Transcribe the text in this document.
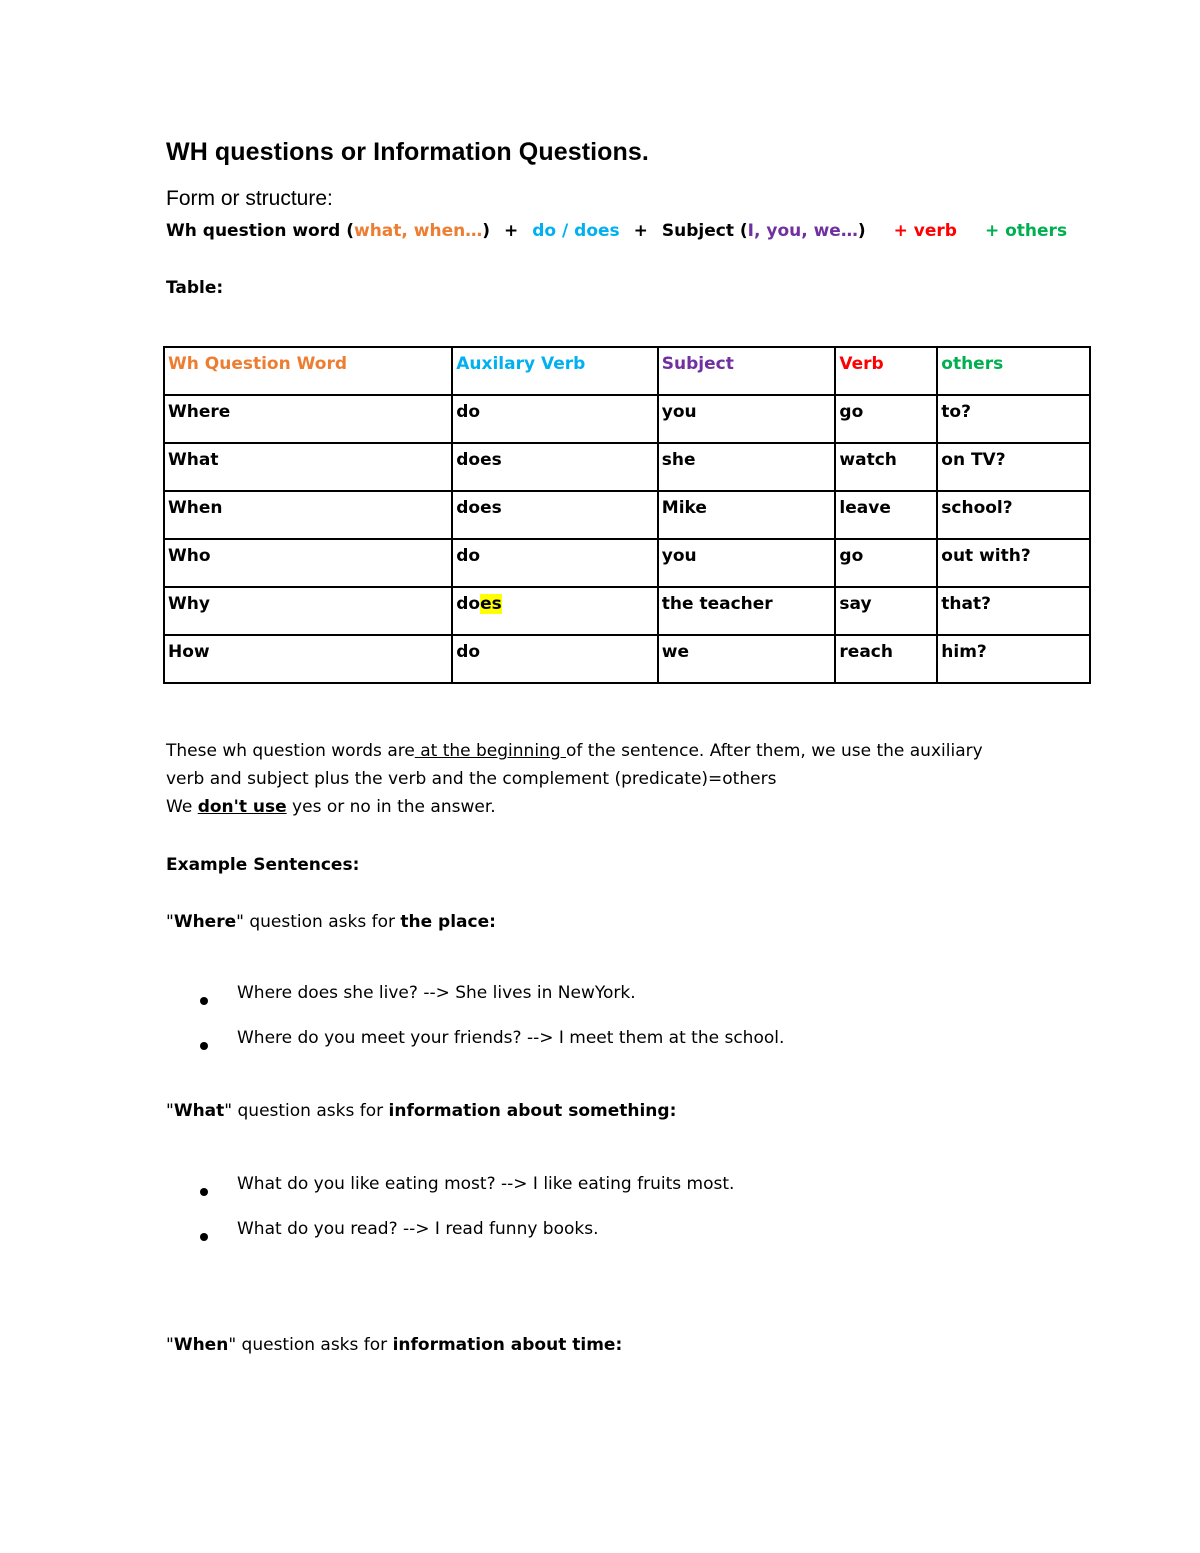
WH questions or Information Questions.
Form or structure:
Wh question word (what, when…) + do / does + Subject (I, you, we…) + verb + others
Table:
Wh Question Word	Auxilary Verb	Subject	Verb	others
Where	do	you	go	to?
What	does	she	watch	on TV?
When	does	Mike	leave	school?
Who	do	you	go	out with?
Why	does	the teacher	say	that?
How	do	we	reach	him?
These wh question words are at the beginning of the sentence. After them, we use the auxiliary
verb and subject plus the verb and the complement (predicate)=others
We don't use yes or no in the answer.
Example Sentences:
"Where" question asks for the place:
Where does she live? --> She lives in NewYork.
Where do you meet your friends? --> I meet them at the school.
"What" question asks for information about something:
What do you like eating most? --> I like eating fruits most.
What do you read? --> I read funny books.
"When" question asks for information about time:
